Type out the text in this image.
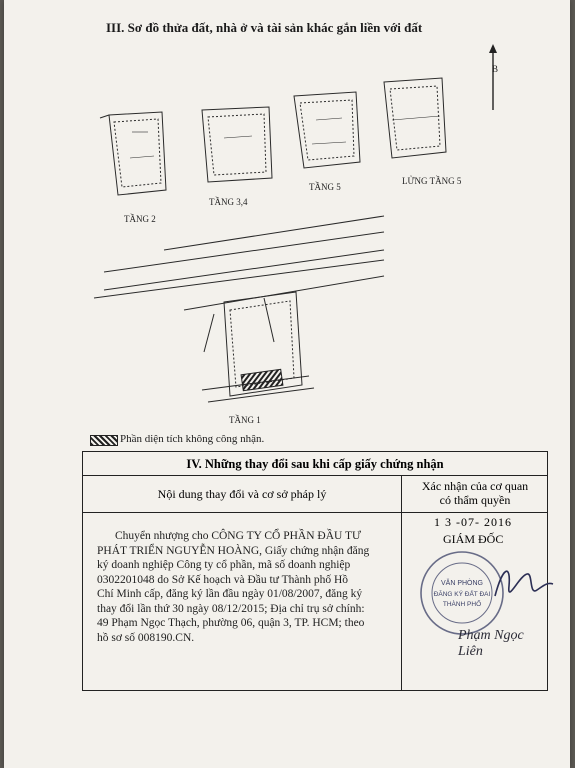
III. Sơ đồ thửa đất, nhà ở và tài sản khác gắn liền với đất
B
TẦNG 2
TẦNG 3,4
TẦNG 5
LỬNG TẦNG 5
TẦNG 1
Phần diện tích không công nhận.
IV. Những thay đổi sau khi cấp giấy chứng nhận
Nội dung thay đổi và cơ sở pháp lý
Xác nhận của cơ quan
có thẩm quyền
Chuyển nhượng cho CÔNG TY CỔ PHẦN ĐẦU TƯ
PHÁT TRIỂN NGUYỄN HOÀNG, Giấy chứng nhận đăng
ký doanh nghiệp Công ty cổ phần, mã số doanh nghiệp
0302201048 do Sở Kế hoạch và Đầu tư Thành phố Hồ
Chí Minh cấp, đăng ký lần đầu ngày 01/08/2007, đăng ký
thay đổi lần thứ 30 ngày 08/12/2015; Địa chỉ trụ sở chính:
49 Phạm Ngọc Thạch, phường 06, quận 3, TP. HCM; theo
hồ sơ số 008190.CN.
1 3 -07- 2016
GIÁM ĐỐC
VĂN PHÒNG
ĐĂNG KÝ ĐẤT ĐAI
THÀNH PHỐ
Phạm Ngọc Liên
